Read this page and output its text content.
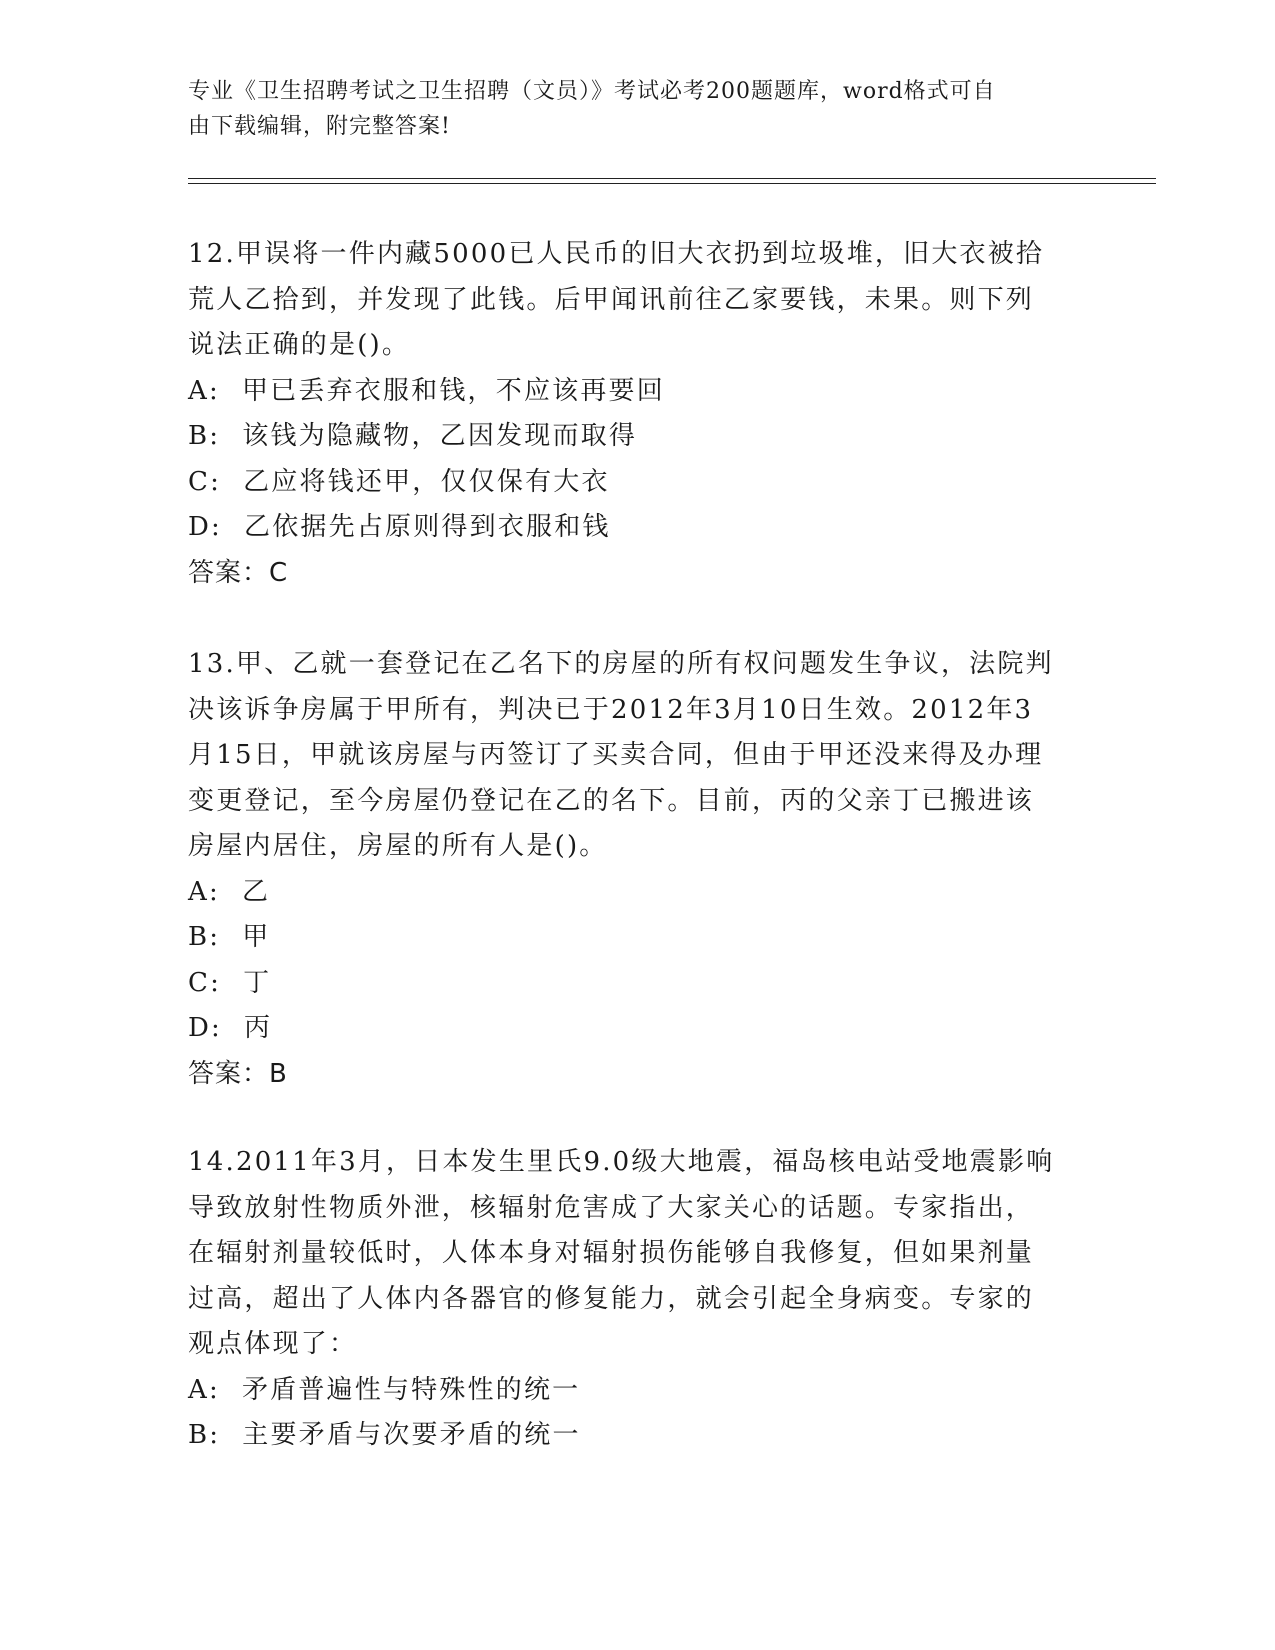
专业《卫生招聘考试之卫生招聘（文员）》考试必考200题题库，word格式可自
由下载编辑，附完整答案!

12.甲误将一件内藏5000已人民币的旧大衣扔到垃圾堆，旧大衣被拾

荒人乙拾到，并发现了此钱。后甲闻讯前往乙家要钱，未果。则下列

说法正确的是()。

A: 甲已丢弃衣服和钱，不应该再要回

B: 该钱为隐藏物，乙因发现而取得

C: 乙应将钱还甲，仅仅保有大衣

D: 乙依据先占原则得到衣服和钱

答案：C

13.甲、乙就一套登记在乙名下的房屋的所有权问题发生争议，法院判

决该诉争房属于甲所有，判决已于2012年3月10日生效。2012年3

月15日，甲就该房屋与丙签订了买卖合同，但由于甲还没来得及办理

变更登记，至今房屋仍登记在乙的名下。目前，丙的父亲丁已搬进该

房屋内居住，房屋的所有人是()。

A: 乙

B: 甲

C: 丁

D: 丙

答案：B

14.2011年3月，日本发生里氏9.0级大地震，福岛核电站受地震影响

导致放射性物质外泄，核辐射危害成了大家关心的话题。专家指出，

在辐射剂量较低时，人体本身对辐射损伤能够自我修复，但如果剂量

过高，超出了人体内各器官的修复能力，就会引起全身病变。专家的

观点体现了：

A: 矛盾普遍性与特殊性的统一

B: 主要矛盾与次要矛盾的统一
